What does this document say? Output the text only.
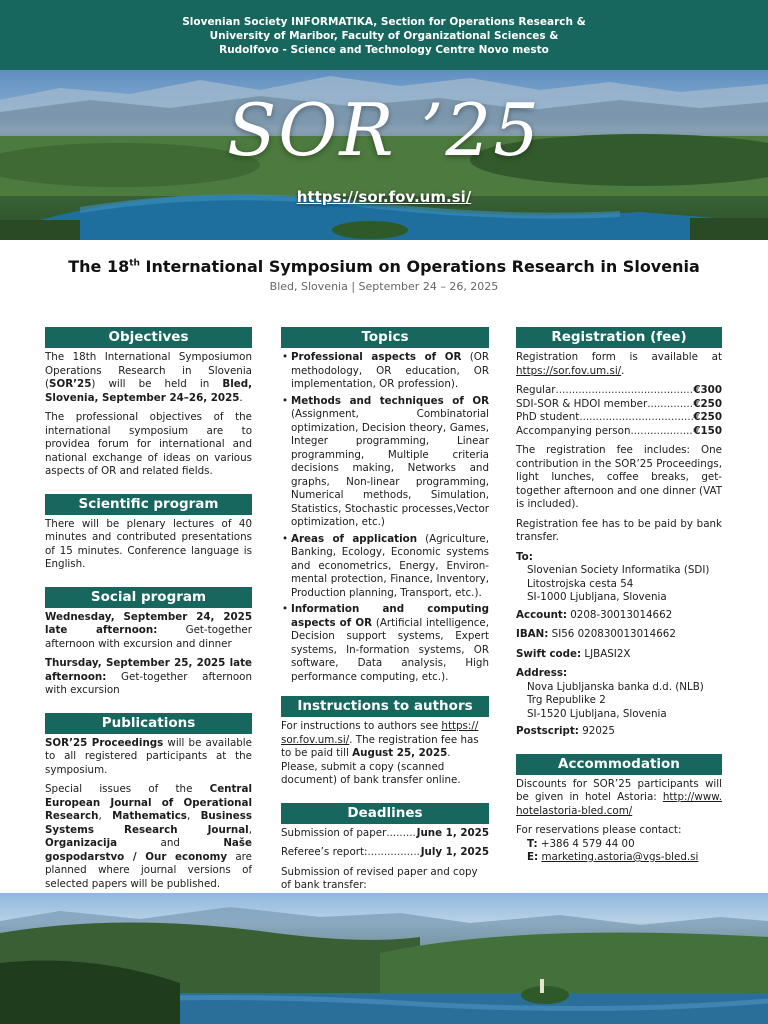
Slovenian Society INFORMATIKA, Section for Operations Research &
University of Maribor, Faculty of Organizational Sciences &
Rudolfovo - Science and Technology Centre Novo mesto
SOR ’25
https://sor.fov.um.si/
The 18th International Symposium on Operations Research in Slovenia
Bled, Slovenia | September 24 – 26, 2025
Objectives

The 18th International Symposiumon Operations Research in Slovenia (SOR’25) will be held in Bled, Slovenia, September 24–26, 2025.

The professional objectives of the international symposium are to providea forum for international and national exchange of ideas on various aspects of OR and related fields.

Scientific program

There will be plenary lectures of 40 minutes and contributed presentations of 15 minutes. Conference language is English.

Social program

Wednesday, September 24, 2025 late afternoon: Get-together afternoon with excursion and dinner

Thursday, September 25, 2025 late afternoon: Get-together afternoon with excursion

Publications

SOR’25 Proceedings will be available to all registered participants at the symposium.

Special issues of the Central European Journal of Operational Research, Mathematics, Business Systems Research Journal, Organizacija and Naše gospodarstvo / Our economy are planned where journal versions of selected papers will be published.

Topics
• Professional aspects of OR (OR methodology, OR education, OR implementation, OR profession).
• Methods and techniques of OR (Assignment, Combinatorial optimization, Decision theory, Games, Integer programming, Linear programming, Multiple criteria decisions making, Networks and graphs, Non-linear programming, Numerical methods, Simulation, Statistics, Stochastic processes,Vector optimization, etc.)
• Areas of application (Agriculture, Banking, Ecology, Economic systems and econometrics, Energy, Environ-mental protection, Finance, Inventory, Production planning, Transport, etc.).
• Information and computing aspects of OR (Artificial intelligence, Decision support systems, Expert systems, In-formation systems, OR software, Data analysis, High performance computing, etc.).
Instructions to authors

For instructions to authors see https:// sor.fov.um.si/. The registration fee has to be paid till August 25, 2025. Please, submit a copy (scanned document) of bank transfer online.

Deadlines

Submission of paper .....	June 1, 2025

Referee’s report: .....	July 1, 2025

Submission of revised paper and copy of bank transfer:

.....

Registration (fee)

Registration form is available at https://sor.fov.um.si/.

Regular .....	€300
SDI-SOR & HDOI member .....	€250
PhD student .....	€250
Accompanying person .....	€150

The registration fee includes: One contribution in the SOR’25 Proceedings, light lunches, coffee breaks, get-together afternoon and one dinner (VAT is included).

Registration fee has to be paid by bank transfer.

To:

Slovenian Society Informatika (SDI)
Litostrojska cesta 54
SI-1000 Ljubljana, Slovenia

Account: 0208-30013014662

IBAN: SI56 020830013014662

Swift code: LJBASI2X

Address:

Nova Ljubljanska banka d.d. (NLB)
Trg Republike 2
SI-1520 Ljubljana, Slovenia

Postscript: 92025

Accommodation

Discounts for SOR’25 participants will be given in hotel Astoria: http://www. hotelastoria-bled.com/

For reservations please contact:

T: +386 4 579 44 00
E: marketing.astoria@vgs-bled.si
